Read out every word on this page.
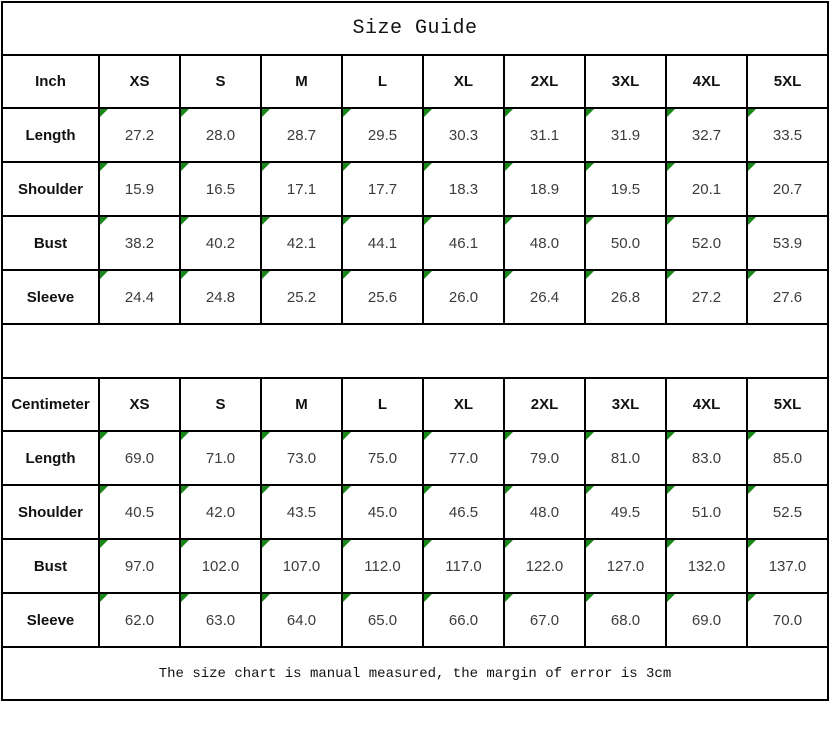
Size Guide									
Inch	XS	S	M	L	XL	2XL	3XL	4XL	5XL
Length	27.2	28.0	28.7	29.5	30.3	31.1	31.9	32.7	33.5
Shoulder	15.9	16.5	17.1	17.7	18.3	18.9	19.5	20.1	20.7
Bust	38.2	40.2	42.1	44.1	46.1	48.0	50.0	52.0	53.9
Sleeve	24.4	24.8	25.2	25.6	26.0	26.4	26.8	27.2	27.6

Centimeter	XS	S	M	L	XL	2XL	3XL	4XL	5XL
Length	69.0	71.0	73.0	75.0	77.0	79.0	81.0	83.0	85.0
Shoulder	40.5	42.0	43.5	45.0	46.5	48.0	49.5	51.0	52.5
Bust	97.0	102.0	107.0	112.0	117.0	122.0	127.0	132.0	137.0
Sleeve	62.0	63.0	64.0	65.0	66.0	67.0	68.0	69.0	70.0
The size chart is manual measured, the margin of error is 3cm									
